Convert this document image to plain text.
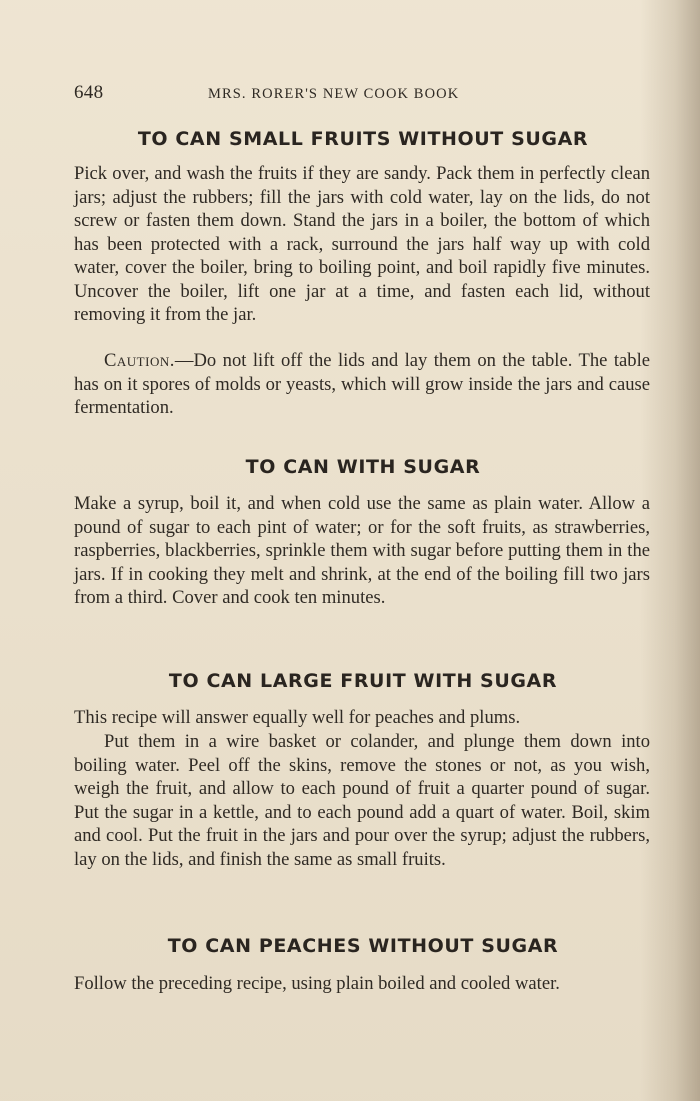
648	MRS. RORER'S NEW COOK BOOK
TO CAN SMALL FRUITS WITHOUT SUGAR

Pick over, and wash the fruits if they are sandy. Pack them in perfectly clean jars; adjust the rubbers; fill the jars with cold water, lay on the lids, do not screw or fasten them down. Stand the jars in a boiler, the bottom of which has been protected with a rack, surround the jars half way up with cold water, cover the boiler, bring to boiling point, and boil rapidly five minutes. Uncover the boiler, lift one jar at a time, and fasten each lid, without removing it from the jar.

Caution.—Do not lift off the lids and lay them on the table. The table has on it spores of molds or yeasts, which will grow inside the jars and cause fermentation.

TO CAN WITH SUGAR

Make a syrup, boil it, and when cold use the same as plain water. Allow a pound of sugar to each pint of water; or for the soft fruits, as strawberries, raspberries, blackberries, sprinkle them with sugar before putting them in the jars. If in cooking they melt and shrink, at the end of the boiling fill two jars from a third. Cover and cook ten minutes.

TO CAN LARGE FRUIT WITH SUGAR

This recipe will answer equally well for peaches and plums.

Put them in a wire basket or colander, and plunge them down into boiling water. Peel off the skins, remove the stones or not, as you wish, weigh the fruit, and allow to each pound of fruit a quarter pound of sugar. Put the sugar in a kettle, and to each pound add a quart of water. Boil, skim and cool. Put the fruit in the jars and pour over the syrup; adjust the rubbers, lay on the lids, and finish the same as small fruits.

TO CAN PEACHES WITHOUT SUGAR

Follow the preceding recipe, using plain boiled and cooled water.
